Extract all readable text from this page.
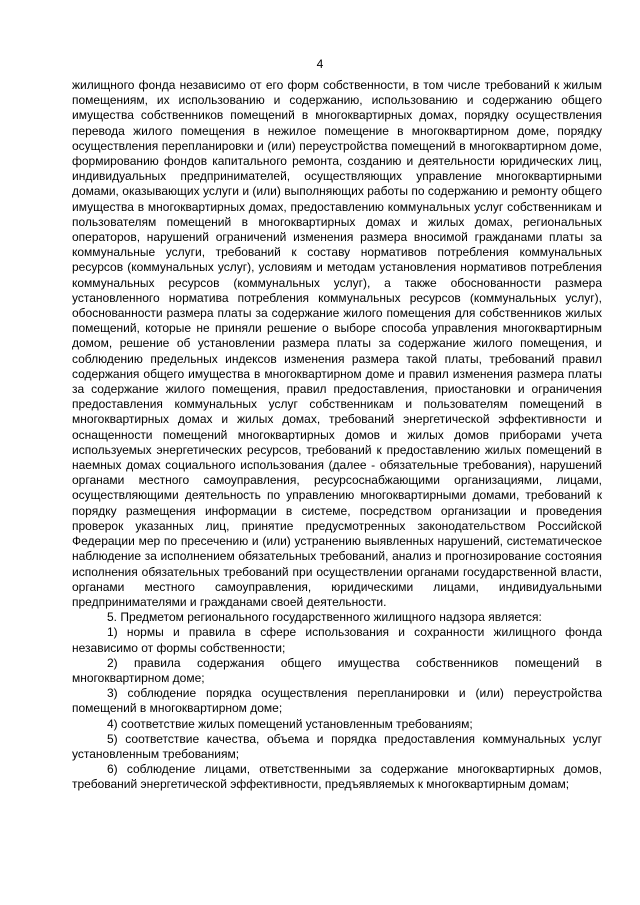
4

жилищного фонда независимо от его форм собственности, в том числе требований к жилым помещениям, их использованию и содержанию, использованию и содержанию общего имущества собственников помещений в многоквартирных домах, порядку осуществления перевода жилого помещения в нежилое помещение в многоквартирном доме, порядку осуществления перепланировки и (или) переустройства помещений в многоквартирном доме, формированию фондов капитального ремонта, созданию и деятельности юридических лиц, индивидуальных предпринимателей, осуществляющих управление многоквартирными домами, оказывающих услуги и (или) выполняющих работы по содержанию и ремонту общего имущества в многоквартирных домах, предоставлению коммунальных услуг собственникам и пользователям помещений в многоквартирных домах и жилых домах, региональных операторов, нарушений ограничений изменения размера вносимой гражданами платы за коммунальные услуги, требований к составу нормативов потребления коммунальных ресурсов (коммунальных услуг), условиям и методам установления нормативов потребления коммунальных ресурсов (коммунальных услуг), а также обоснованности размера установленного норматива потребления коммунальных ресурсов (коммунальных услуг), обоснованности размера платы за содержание жилого помещения для собственников жилых помещений, которые не приняли решение о выборе способа управления многоквартирным домом, решение об установлении размера платы за содержание жилого помещения, и соблюдению предельных индексов изменения размера такой платы, требований правил содержания общего имущества в многоквартирном доме и правил изменения размера платы за содержание жилого помещения, правил предоставления, приостановки и ограничения предоставления коммунальных услуг собственникам и пользователям помещений в многоквартирных домах и жилых домах, требований энергетической эффективности и оснащенности помещений многоквартирных домов и жилых домов приборами учета используемых энергетических ресурсов, требований к предоставлению жилых помещений в наемных домах социального использования (далее - обязательные требования), нарушений органами местного самоуправления, ресурсоснабжающими организациями, лицами, осуществляющими деятельность по управлению многоквартирными домами, требований к порядку размещения информации в системе, посредством организации и проведения проверок указанных лиц, принятие предусмотренных законодательством Российской Федерации мер по пресечению и (или) устранению выявленных нарушений, систематическое наблюдение за исполнением обязательных требований, анализ и прогнозирование состояния исполнения обязательных требований при осуществлении органами государственной власти, органами местного самоуправления, юридическими лицами, индивидуальными предпринимателями и гражданами своей деятельности.

5. Предметом регионального государственного жилищного надзора является:

1) нормы и правила в сфере использования и сохранности жилищного фонда независимо от формы собственности;

2) правила содержания общего имущества собственников помещений в многоквартирном доме;

3) соблюдение порядка осуществления перепланировки и (или) переустройства помещений в многоквартирном доме;

4) соответствие жилых помещений установленным требованиям;

5) соответствие качества, объема и порядка предоставления коммунальных услуг установленным требованиям;

6) соблюдение лицами, ответственными за содержание многоквартирных домов, требований энергетической эффективности, предъявляемых к многоквартирным домам;
